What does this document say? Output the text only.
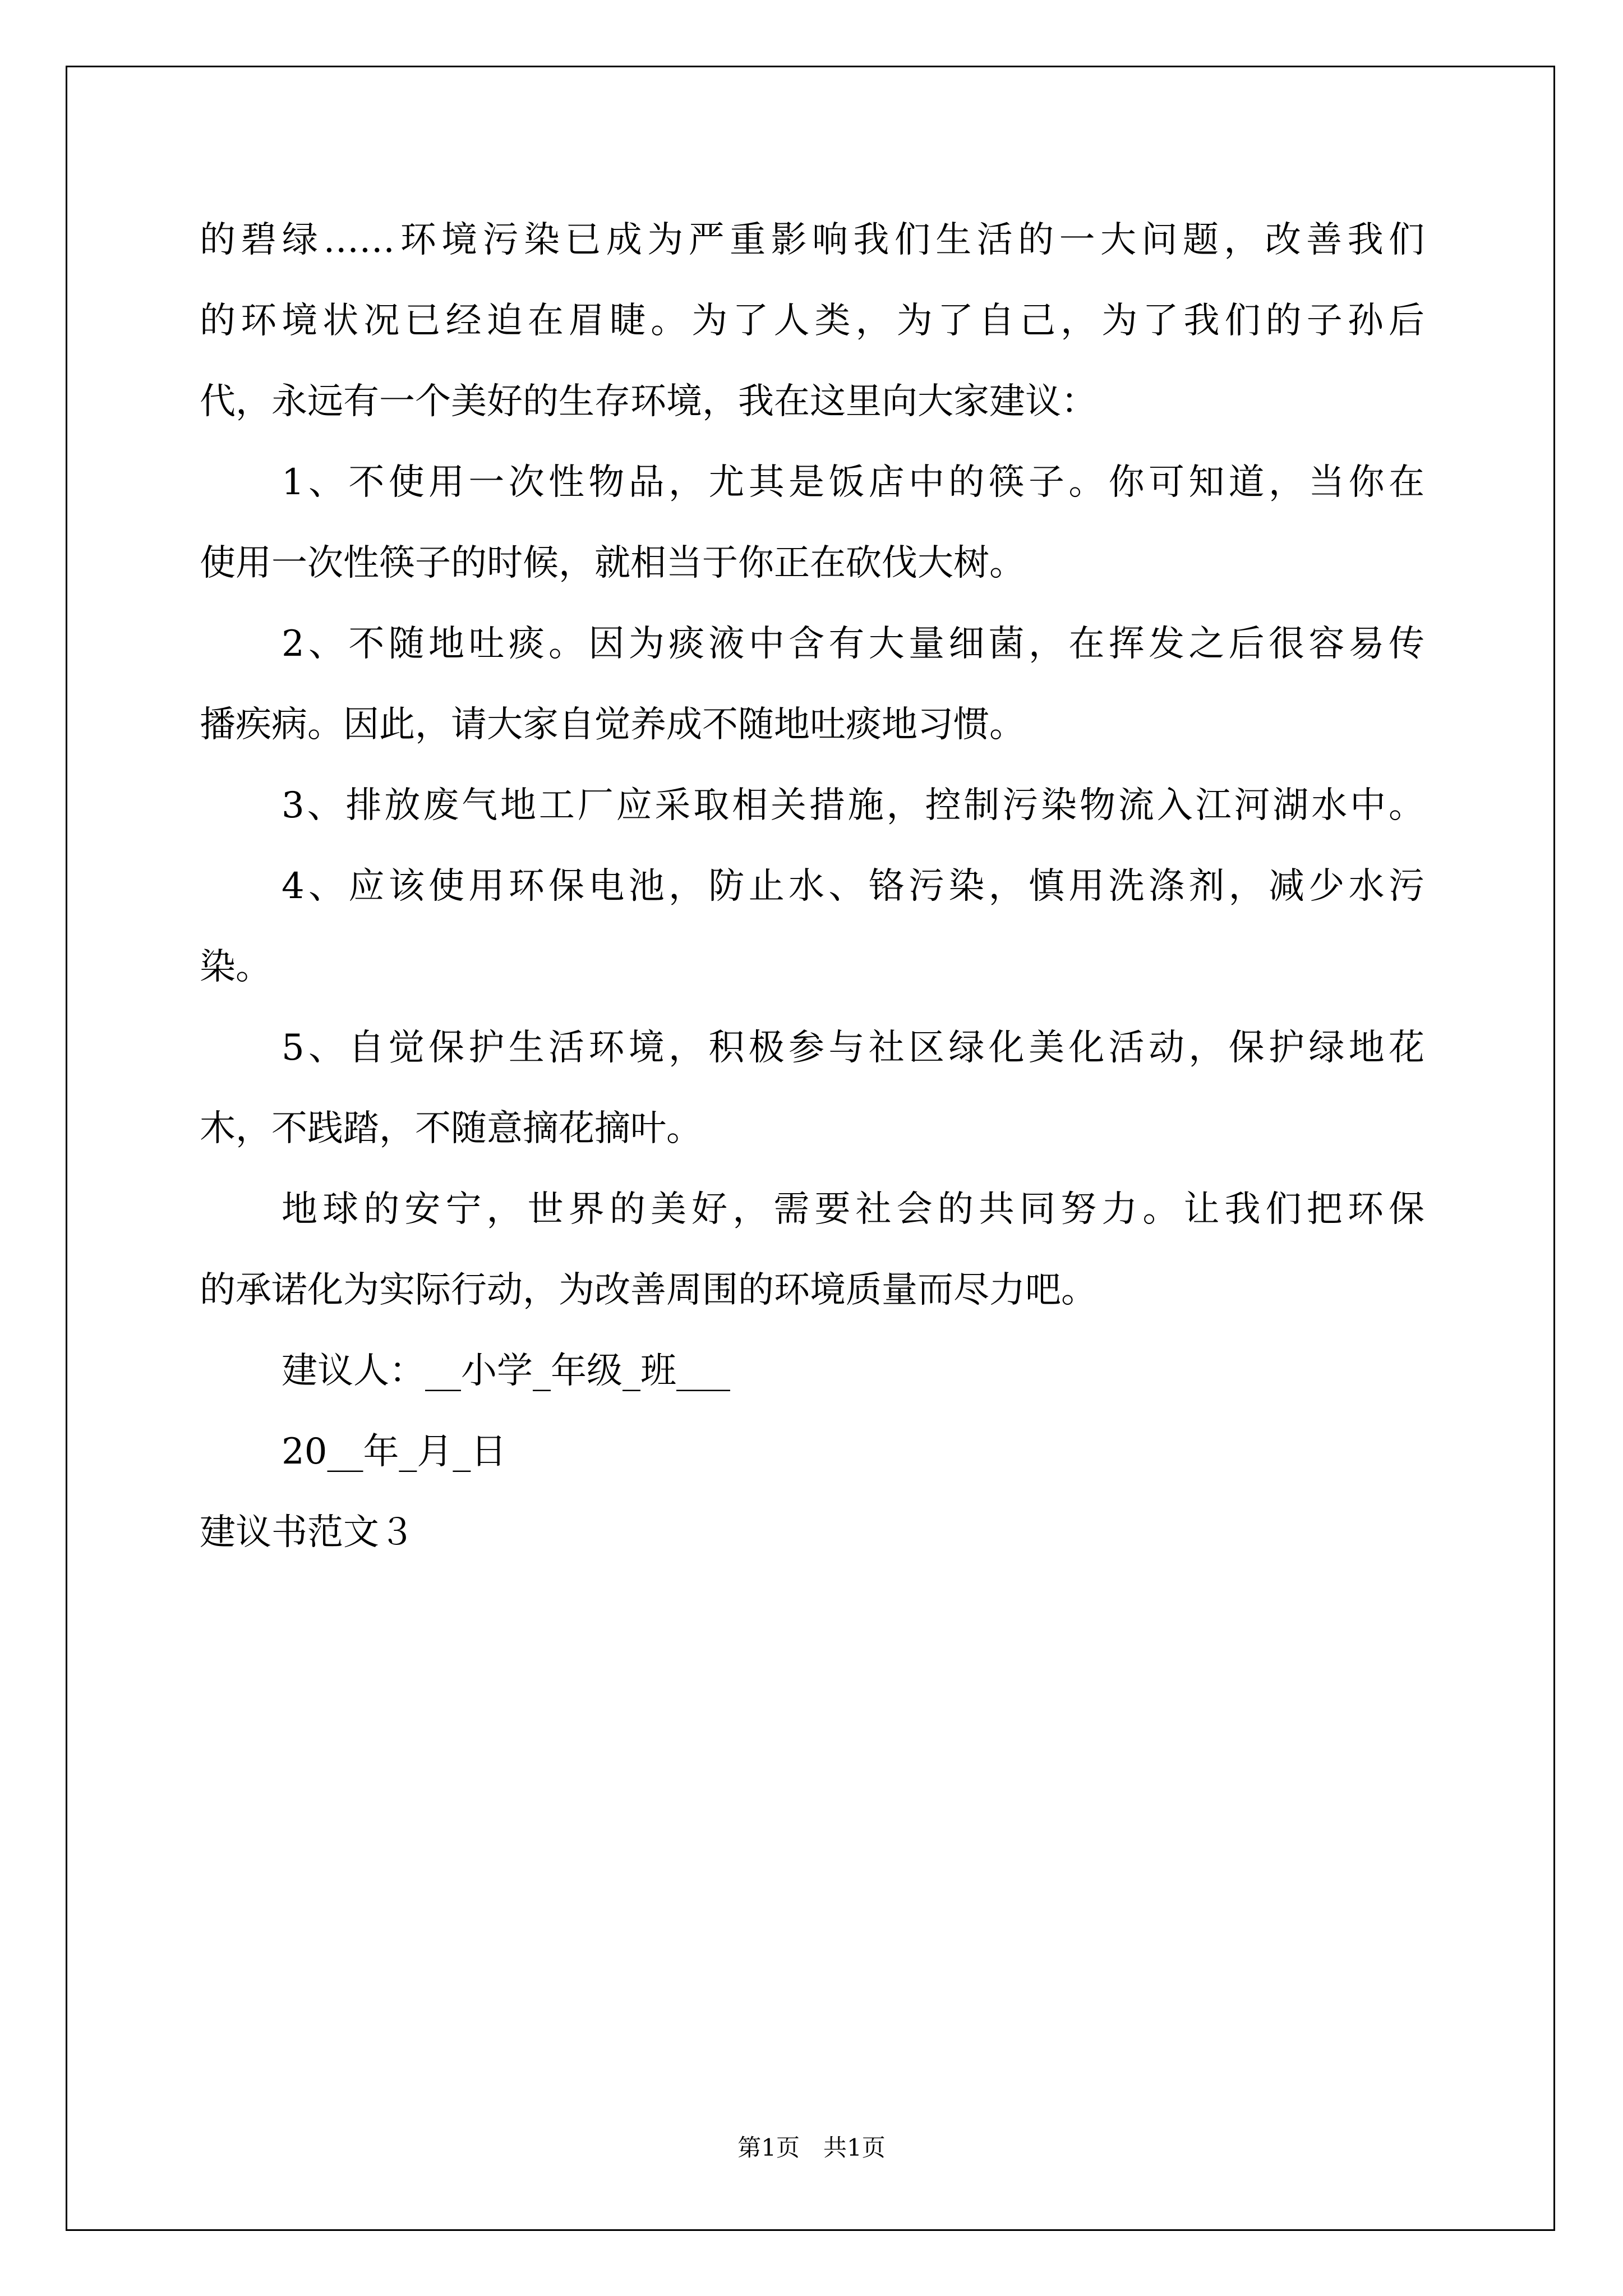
的碧绿……环境污染已成为严重影响我们生活的一大问题，改善我们
的环境状况已经迫在眉睫。为了人类，为了自己，为了我们的子孙后
代，永远有一个美好的生存环境，我在这里向大家建议：
1、不使用一次性物品，尤其是饭店中的筷子。你可知道，当你在
使用一次性筷子的时候，就相当于你正在砍伐大树。
2、不随地吐痰。因为痰液中含有大量细菌，在挥发之后很容易传
播疾病。因此，请大家自觉养成不随地吐痰地习惯。
3、排放废气地工厂应采取相关措施，控制污染物流入江河湖水中。
4、应该使用环保电池，防止水、铬污染，慎用洗涤剂，减少水污
染。
5、自觉保护生活环境，积极参与社区绿化美化活动，保护绿地花
木，不践踏，不随意摘花摘叶。
地球的安宁，世界的美好，需要社会的共同努力。让我们把环保
的承诺化为实际行动，为改善周围的环境质量而尽力吧。
建议人：__小学_年级_班___
20__年_月_日
建议书范文３
第1页　共1页
